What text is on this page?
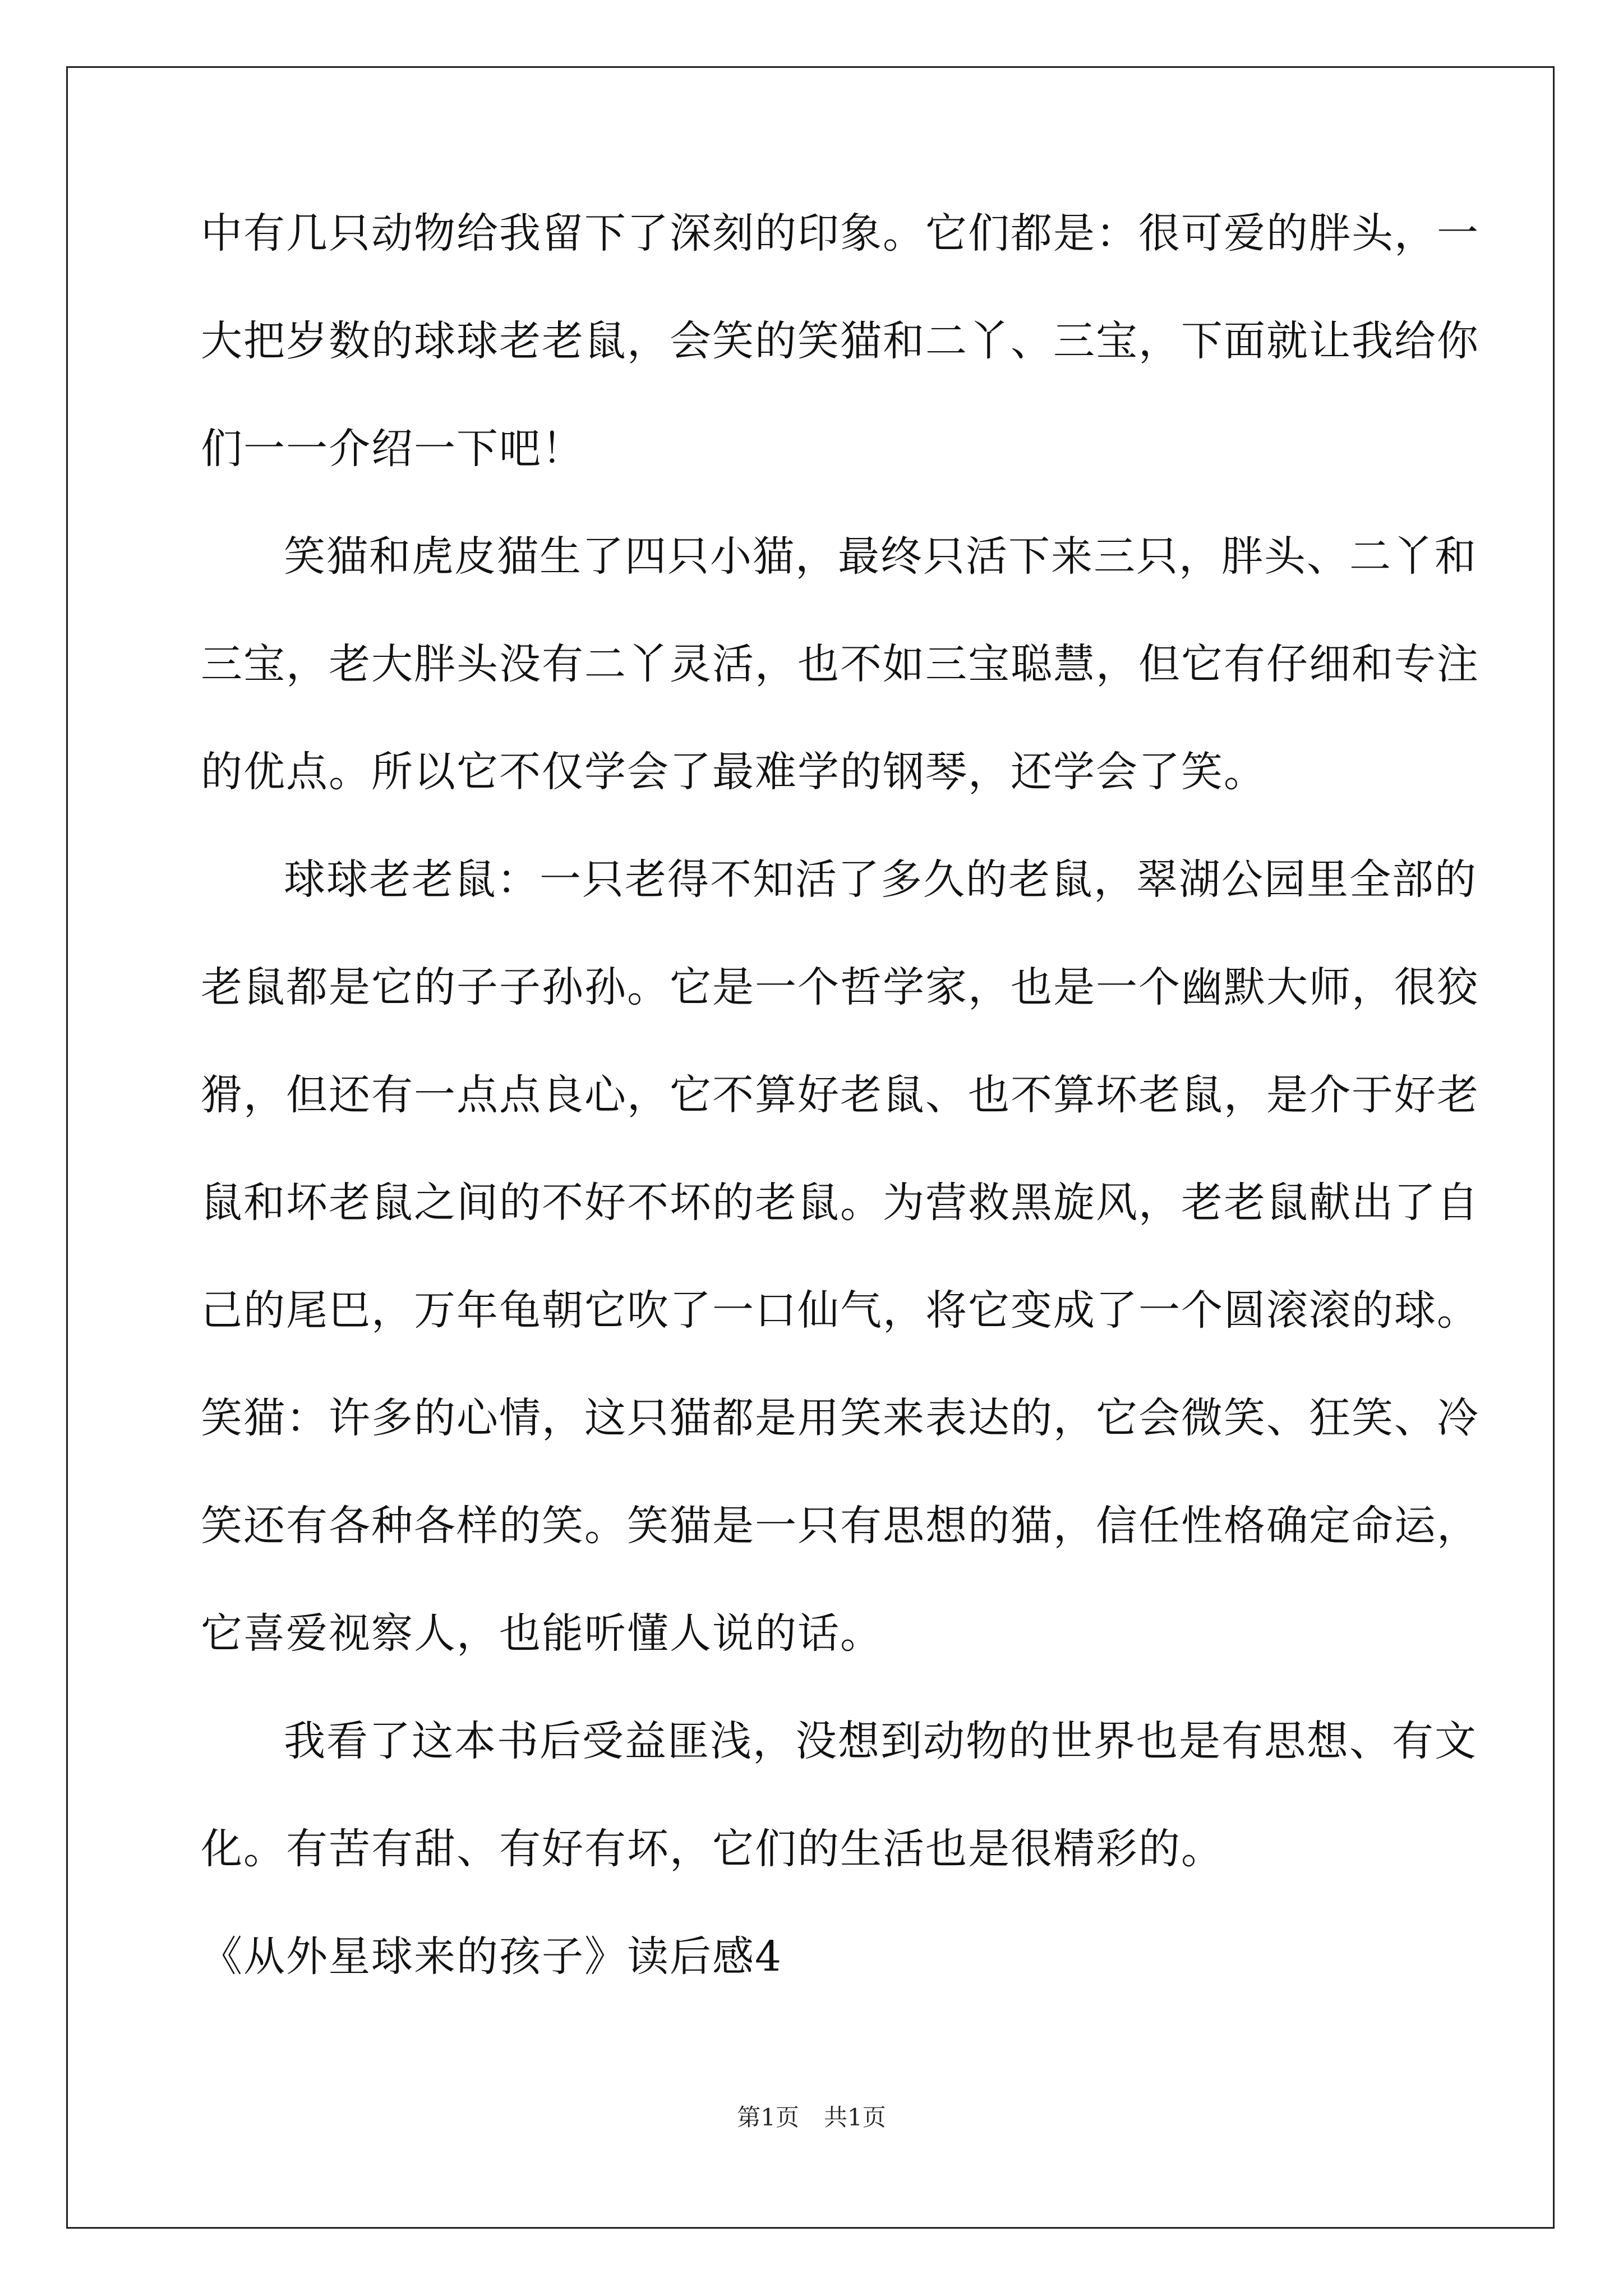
中有几只动物给我留下了深刻的印象。它们都是：很可爱的胖头，一
大把岁数的球球老老鼠，会笑的笑猫和二丫、三宝，下面就让我给你
们一一介绍一下吧！
笑猫和虎皮猫生了四只小猫，最终只活下来三只，胖头、二丫和
三宝，老大胖头没有二丫灵活，也不如三宝聪慧，但它有仔细和专注
的优点。所以它不仅学会了最难学的钢琴，还学会了笑。
球球老老鼠：一只老得不知活了多久的老鼠，翠湖公园里全部的
老鼠都是它的子子孙孙。它是一个哲学家，也是一个幽默大师，很狡
猾，但还有一点点良心，它不算好老鼠、也不算坏老鼠，是介于好老
鼠和坏老鼠之间的不好不坏的老鼠。为营救黑旋风，老老鼠献出了自
己的尾巴，万年龟朝它吹了一口仙气，将它变成了一个圆滚滚的球。
笑猫：许多的心情，这只猫都是用笑来表达的，它会微笑、狂笑、冷
笑还有各种各样的笑。笑猫是一只有思想的猫，信任性格确定命运，
它喜爱视察人，也能听懂人说的话。
我看了这本书后受益匪浅，没想到动物的世界也是有思想、有文
化。有苦有甜、有好有坏，它们的生活也是很精彩的。
《从外星球来的孩子》读后感4
第1页 共1页
